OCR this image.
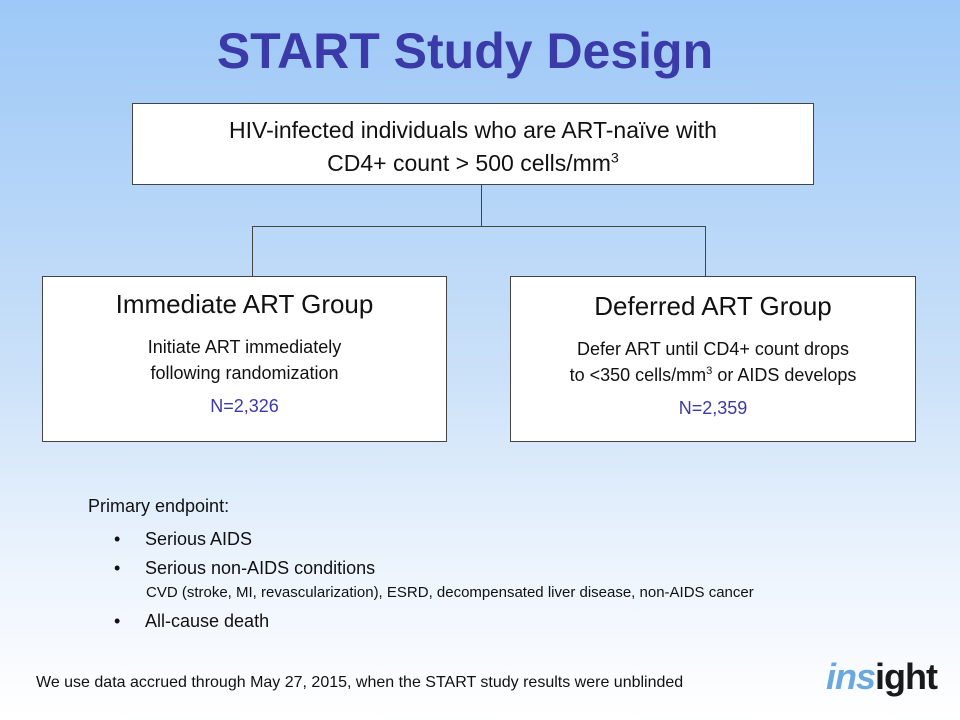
START Study Design
HIV-infected individuals who are ART-naïve with
CD4+ count > 500 cells/$mm^3$
Immediate ART Group
Initiate ART immediately
following randomization
N=2,326
Deferred ART Group
Defer ART until CD4+ count drops
to <350 cells/$mm^3$ or AIDS develops
N=2,359
Primary endpoint:
• Serious AIDS
• Serious non-AIDS conditions
CVD (stroke, MI, revascularization), ESRD, decompensated liver disease, non-AIDS cancer
• All-cause death
We use data accrued through May 27, 2015, when the START study results were unblinded	insight
